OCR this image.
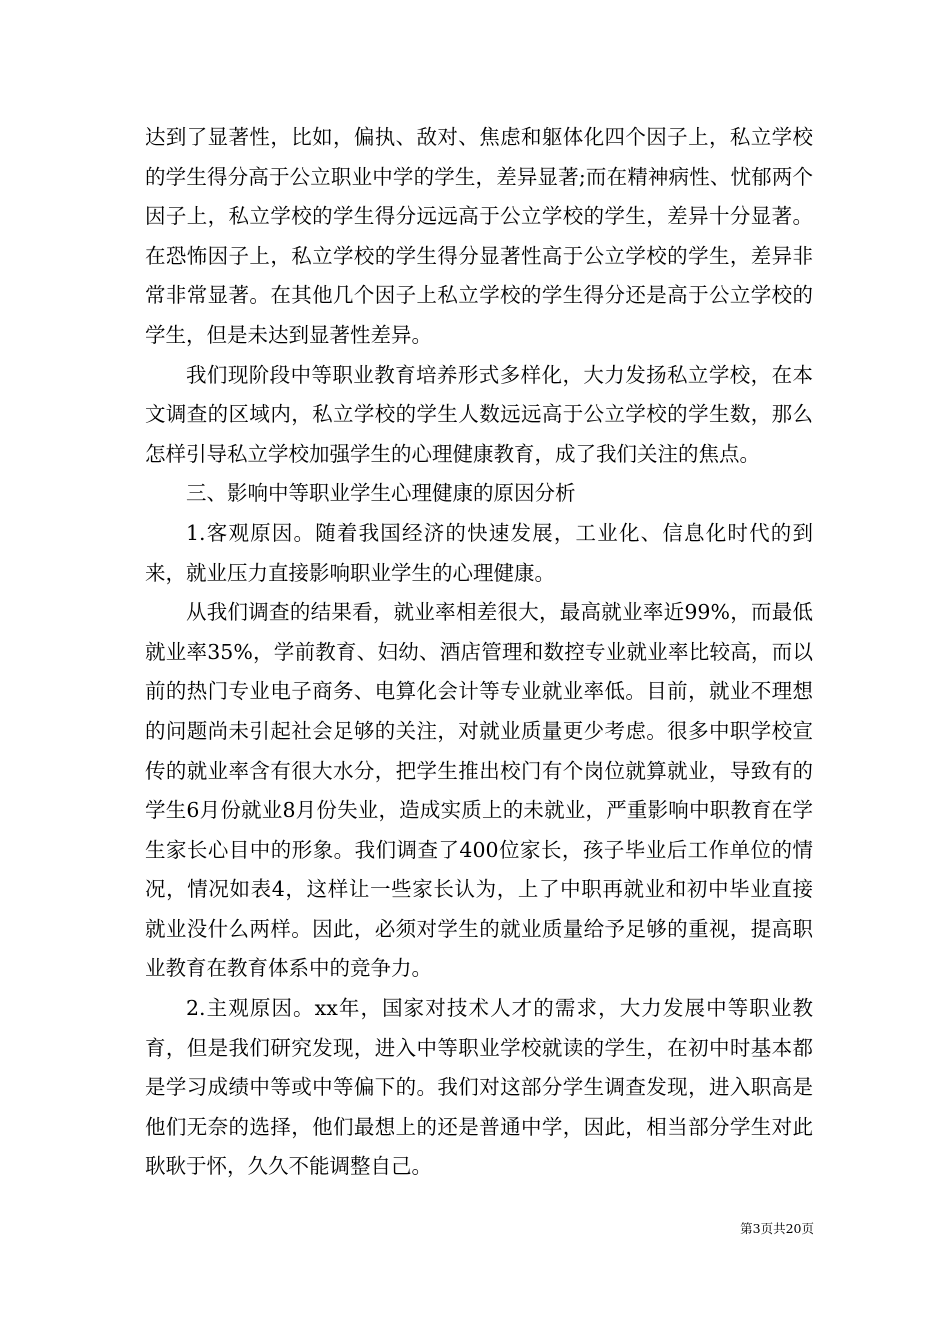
达到了显著性，比如，偏执、敌对、焦虑和躯体化四个因子上，私立学校的学生得分高于公立职业中学的学生，差异显著;而在精神病性、忧郁两个因子上，私立学校的学生得分远远高于公立学校的学生，差异十分显著。在恐怖因子上，私立学校的学生得分显著性高于公立学校的学生，差异非常非常显著。在其他几个因子上私立学校的学生得分还是高于公立学校的学生，但是未达到显著性差异。

我们现阶段中等职业教育培养形式多样化，大力发扬私立学校，在本文调查的区域内，私立学校的学生人数远远高于公立学校的学生数，那么怎样引导私立学校加强学生的心理健康教育，成了我们关注的焦点。

三、影响中等职业学生心理健康的原因分析

1.客观原因。随着我国经济的快速发展，工业化、信息化时代的到来，就业压力直接影响职业学生的心理健康。

从我们调查的结果看，就业率相差很大，最高就业率近99%，而最低就业率35%，学前教育、妇幼、酒店管理和数控专业就业率比较高，而以前的热门专业电子商务、电算化会计等专业就业率低。目前，就业不理想的问题尚未引起社会足够的关注，对就业质量更少考虑。很多中职学校宣传的就业率含有很大水分，把学生推出校门有个岗位就算就业，导致有的学生6月份就业8月份失业，造成实质上的未就业，严重影响中职教育在学生家长心目中的形象。我们调查了400位家长，孩子毕业后工作单位的情况，情况如表4，这样让一些家长认为，上了中职再就业和初中毕业直接就业没什么两样。因此，必须对学生的就业质量给予足够的重视，提高职业教育在教育体系中的竞争力。

2.主观原因。xx年，国家对技术人才的需求，大力发展中等职业教育，但是我们研究发现，进入中等职业学校就读的学生，在初中时基本都是学习成绩中等或中等偏下的。我们对这部分学生调查发现，进入职高是他们无奈的选择，他们最想上的还是普通中学，因此，相当部分学生对此耿耿于怀，久久不能调整自己。

第3页共20页
